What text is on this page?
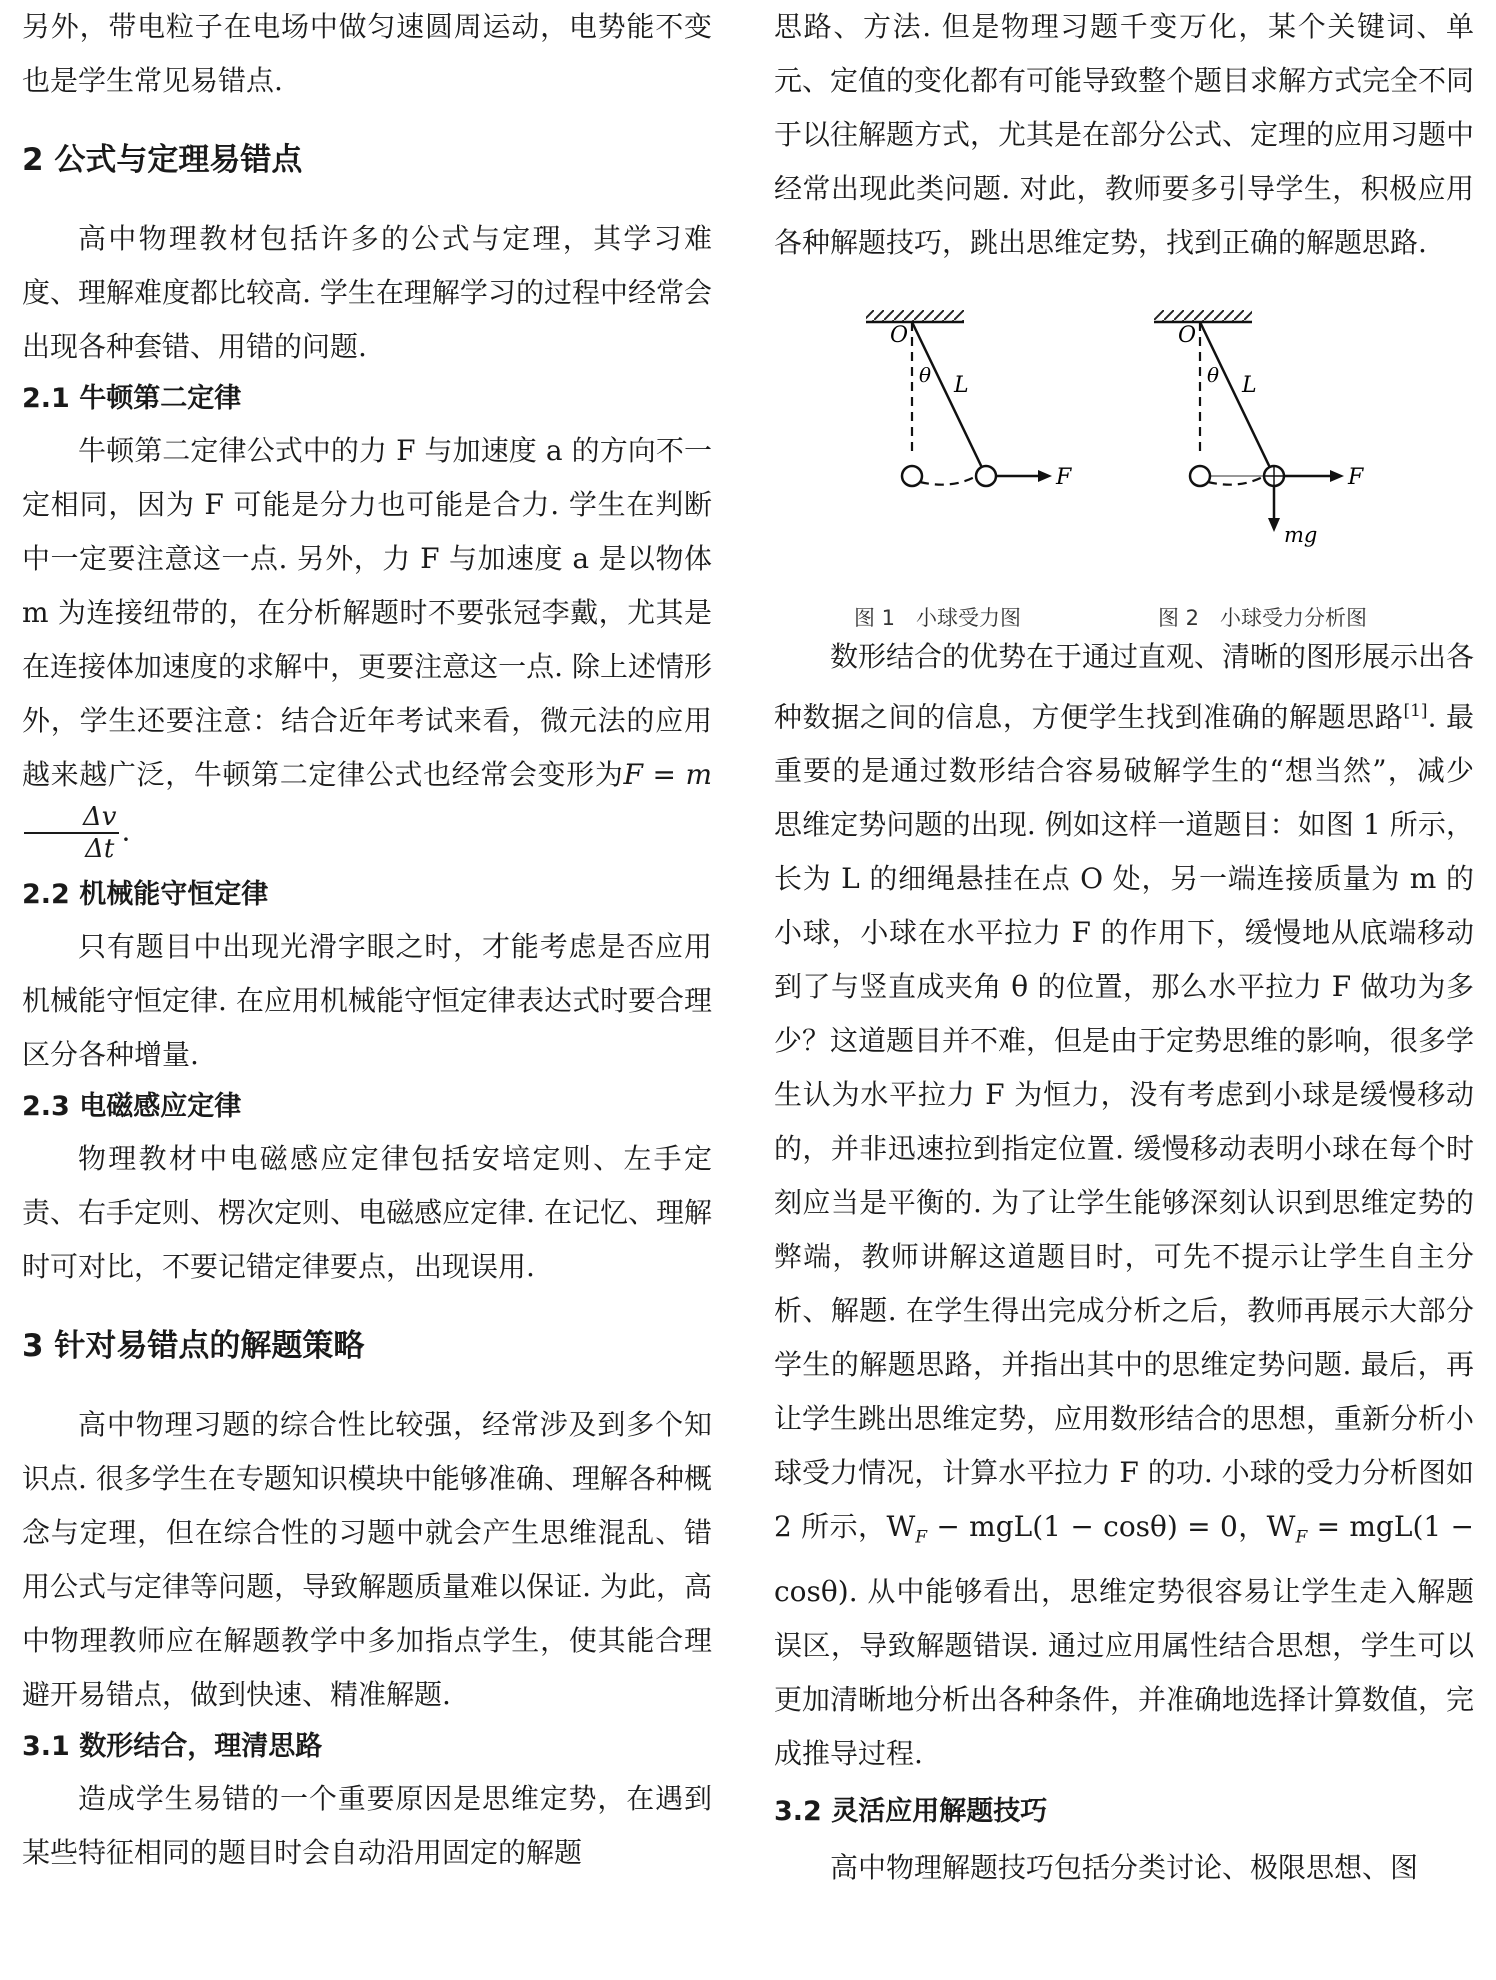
另外，带电粒子在电场中做匀速圆周运动，电势能不变也是学生常见易错点.

2 公式与定理易错点

高中物理教材包括许多的公式与定理，其学习难度、理解难度都比较高. 学生在理解学习的过程中经常会出现各种套错、用错的问题.

2.1 牛顿第二定律

牛顿第二定律公式中的力 F 与加速度 a 的方向不一定相同，因为 F 可能是分力也可能是合力. 学生在判断中一定要注意这一点. 另外，力 F 与加速度 a 是以物体 m 为连接纽带的，在分析解题时不要张冠李戴，尤其是在连接体加速度的求解中，更要注意这一点. 除上述情形外，学生还要注意：结合近年考试来看，微元法的应用越来越广泛，牛顿第二定律公式也经常会变形为F = m
$\frac{\Delta v}{\Delta t}$ .

2.2 机械能守恒定律

只有题目中出现光滑字眼之时，才能考虑是否应用机械能守恒定律. 在应用机械能守恒定律表达式时要合理区分各种增量.

2.3 电磁感应定律

物理教材中电磁感应定律包括安培定则、左手定责、右手定则、楞次定则、电磁感应定律. 在记忆、理解时可对比，不要记错定律要点，出现误用.

3 针对易错点的解题策略

高中物理习题的综合性比较强，经常涉及到多个知识点. 很多学生在专题知识模块中能够准确、理解各种概念与定理，但在综合性的习题中就会产生思维混乱、错用公式与定律等问题，导致解题质量难以保证. 为此，高中物理教师应在解题教学中多加指点学生，使其能合理避开易错点，做到快速、精准解题.

3.1 数形结合，理清思路

造成学生易错的一个重要原因是思维定势，在遇到某些特征相同的题目时会自动沿用固定的解题

思路、方法. 但是物理习题千变万化，某个关键词、单元、定值的变化都有可能导致整个题目求解方式完全不同于以往解题方式，尤其是在部分公式、定理的应用习题中经常出现此类问题. 对此，教师要多引导学生，积极应用各种解题技巧，跳出思维定势，找到正确的解题思路.

O
θ L
F
O
θ L
F
mg
图 1　小球受力图	图 2　小球受力分析图

数形结合的优势在于通过直观、清晰的图形展示出各种数据之间的信息，方便学生找到准确的解题思路[1]. 最重要的是通过数形结合容易破解学生的“想当然”，减少思维定势问题的出现. 例如这样一道题目：如图 1 所示，长为 L 的细绳悬挂在点 O 处，另一端连接质量为 m 的小球，小球在水平拉力 F 的作用下，缓慢地从底端移动到了与竖直成夹角 θ 的位置，那么水平拉力 F 做功为多少？这道题目并不难，但是由于定势思维的影响，很多学生认为水平拉力 F 为恒力，没有考虑到小球是缓慢移动的，并非迅速拉到指定位置. 缓慢移动表明小球在每个时刻应当是平衡的. 为了让学生能够深刻认识到思维定势的弊端，教师讲解这道题目时，可先不提示让学生自主分析、解题. 在学生得出完成分析之后，教师再展示大部分学生的解题思路，并指出其中的思维定势问题. 最后，再让学生跳出思维定势，应用数形结合的思想，重新分析小球受力情况，计算水平拉力 F 的功. 小球的受力分析图如 2 所示，$W_F - mgL(1 - \cos\theta) = 0$，$W_F = mgL(1 - \cos\theta)$. 从中能够看出，思维定势很容易让学生走入解题误区，导致解题错误. 通过应用属性结合思想，学生可以更加清晰地分析出各种条件，并准确地选择计算数值，完成推导过程.

3.2 灵活应用解题技巧

高中物理解题技巧包括分类讨论、极限思想、图
